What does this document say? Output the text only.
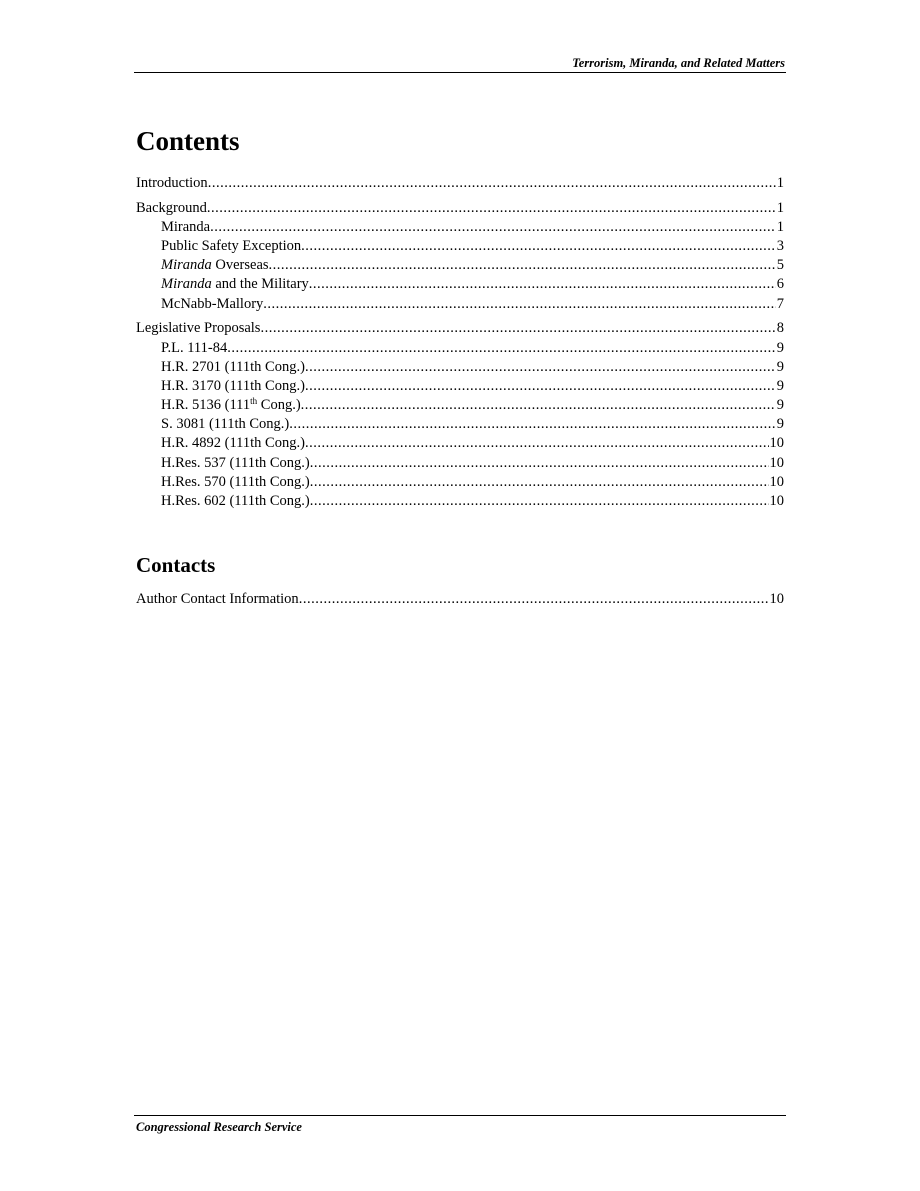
Terrorism, Miranda, and Related Matters
Contents
Introduction .....	1
Background .....	1
Miranda .....	1
Public Safety Exception .....	3
Miranda Overseas .....	5
Miranda and the Military .....	6
McNabb-Mallory .....	7
Legislative Proposals .....	8
P.L. 111-84 .....	9
H.R. 2701 (111th Cong.) .....	9
H.R. 3170 (111th Cong.) .....	9
H.R. 5136 (111th Cong.) .....	9
S. 3081 (111th Cong.) .....	9
H.R. 4892 (111th Cong.) .....	10
H.Res. 537 (111th Cong.) .....	10
H.Res. 570 (111th Cong.) .....	10
H.Res. 602 (111th Cong.) .....	10
Contacts
Author Contact Information .....	10
Congressional Research Service
